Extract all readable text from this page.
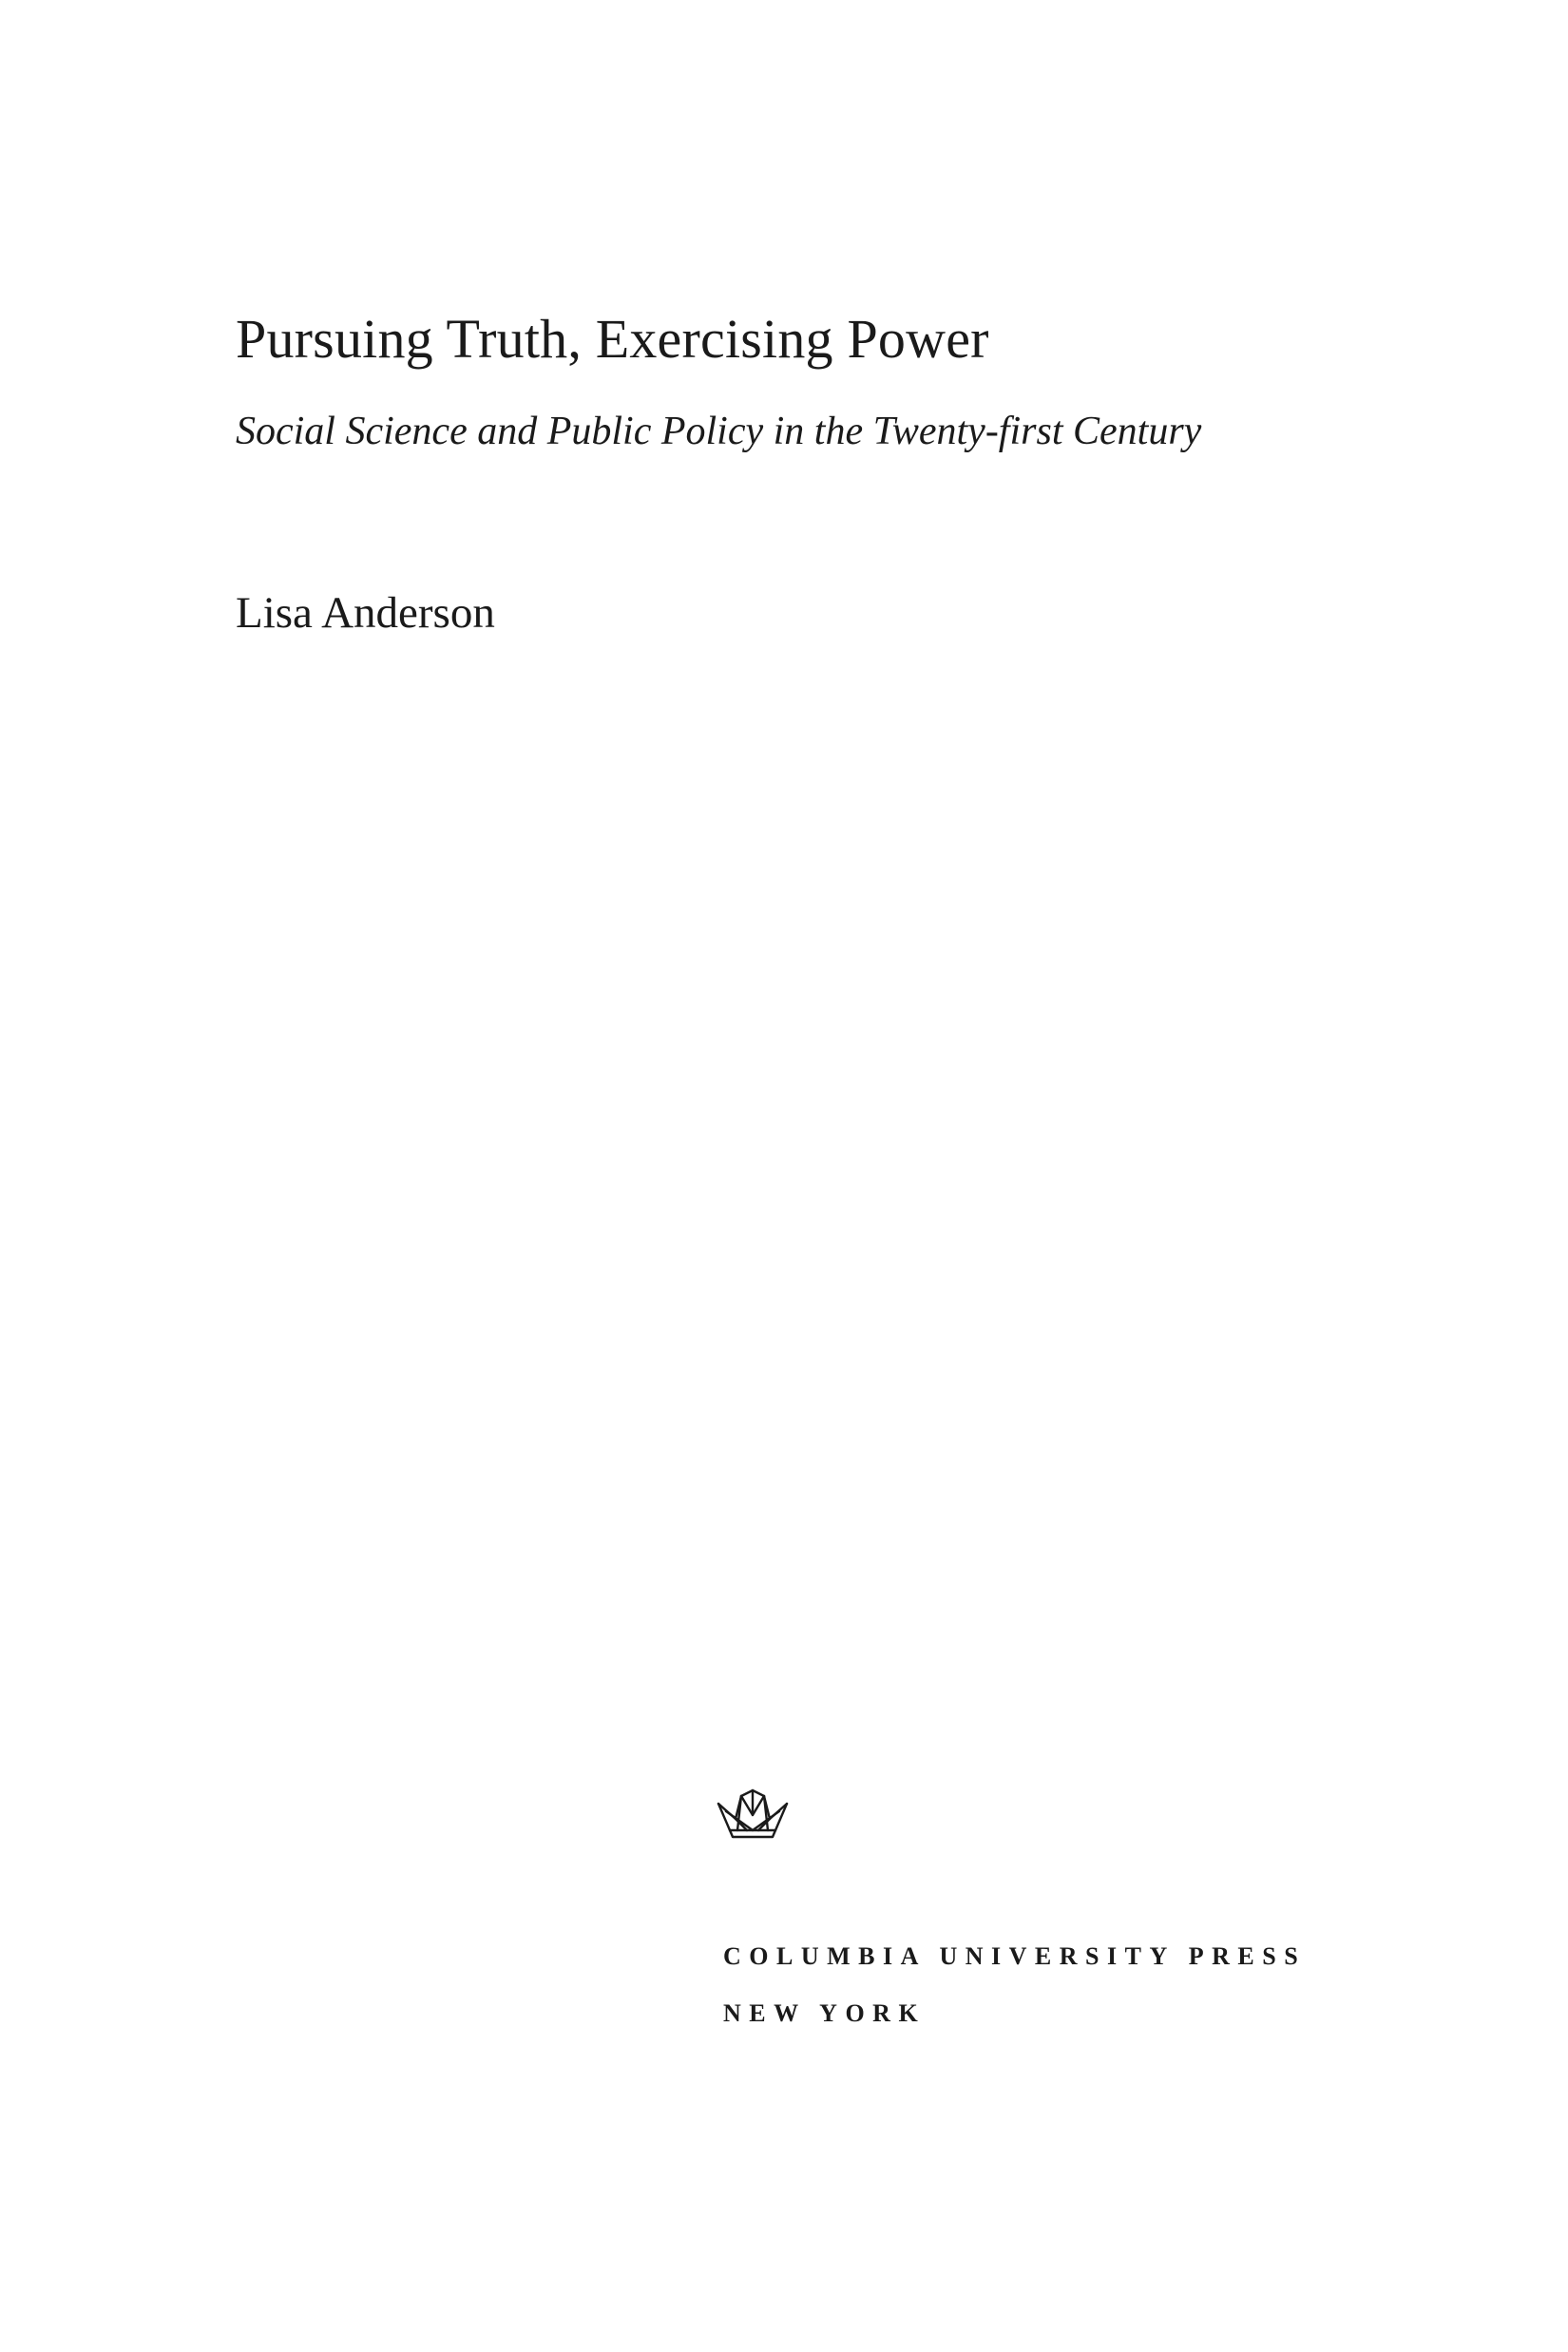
Pursuing Truth, Exercising Power
Social Science and Public Policy in the Twenty-first Century
Lisa Anderson
COLUMBIA UNIVERSITY PRESS
NEW YORK
